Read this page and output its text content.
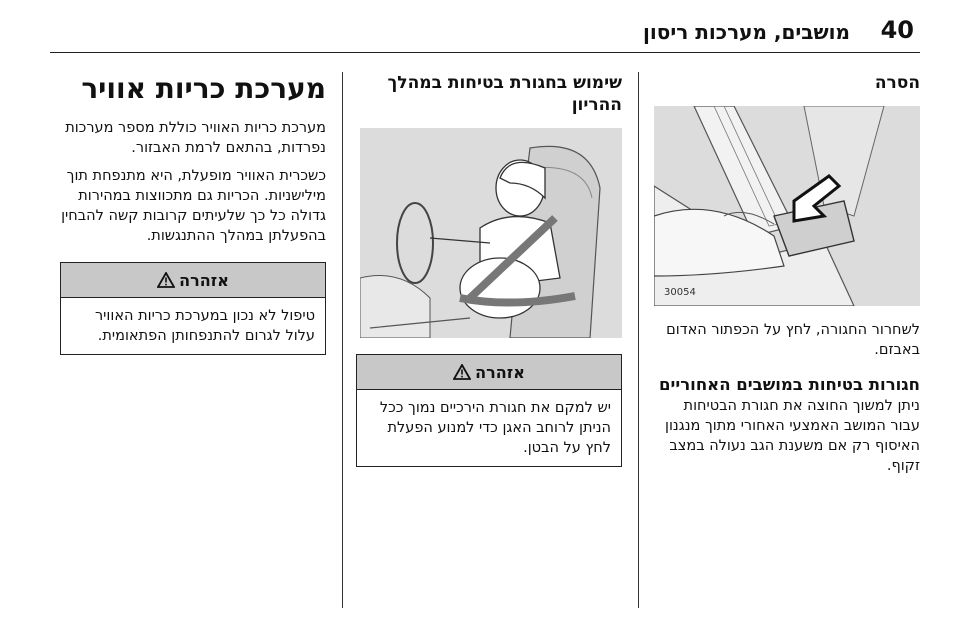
40
מושבים, מערכות ריסון
הסרה
30054
לשחרור החגורה, לחץ על הכפתור האדום באבזם.
חגורות בטיחות במושבים האחוריים
ניתן למשוך החוצה את חגורת הבטיחות עבור המושב האמצעי האחורי מתוך מנגנון האיסוף רק אם משענת הגב נעולה במצב זקוף.
שימוש בחגורת בטיחות במהלך ההריון
אזהרה
יש למקם את חגורת הירכיים נמוך ככל הניתן לרוחב האגן כדי למנוע הפעלת לחץ על הבטן.
מערכת כריות אוויר
מערכת כריות האוויר כוללת מספר מערכות נפרדות, בהתאם לרמת האבזור.
כשכרית האוויר מופעלת, היא מתנפחת תוך מילישניות. הכריות גם מתכווצות במהירות גדולה כל כך שלעיתים קרובות קשה להבחין בהפעלתן במהלך ההתנגשות.
אזהרה
טיפול לא נכון במערכת כריות האוויר עלול לגרום להתנפחותן הפתאומית.
